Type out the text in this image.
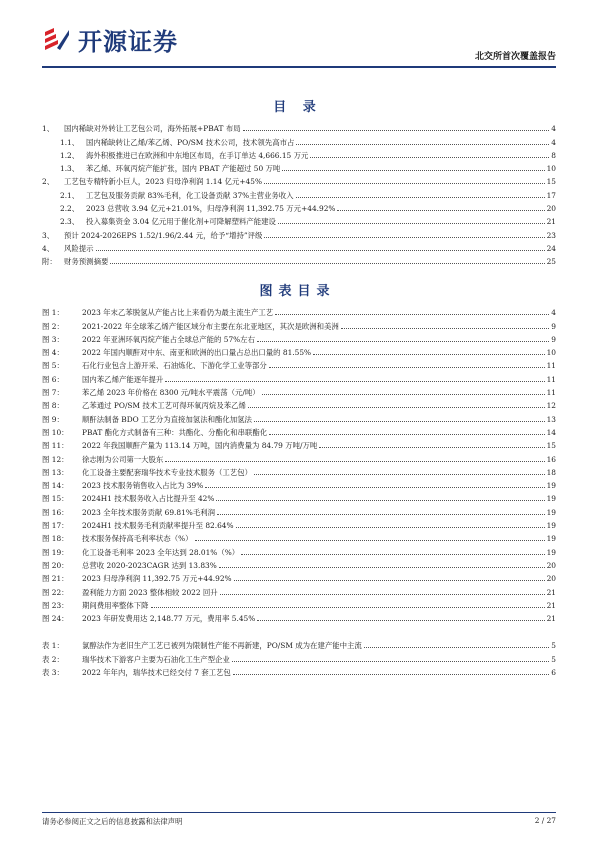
开源证券
北交所首次覆盖报告
目 录
1、	国内稀缺对外转让工艺包公司，海外拓展+PBAT 布局	4
1.1、 国内稀缺转让乙烯/苯乙烯、PO/SM 技术公司，技术领先高市占	4
1.2、 海外积极推进已在欧洲和中东地区布局，在手订单达 4,666.15 万元	8
1.3、 苯乙烯、环氧丙烷产能扩张，国内 PBAT 产能超过 50 万吨	10
2、	工艺包专精特新小巨人，2023 归母净利润 1.14 亿元+45%	15
2.1、 工艺包及服务贡献 83%毛利，化工设备贡献 37%主营业务收入	17
2.2、 2023 总营收 3.94 亿元+21.01%，归母净利润 11,392.75 万元+44.92%	20
2.3、 投入募集资金 3.04 亿元用于催化剂+可降解塑料产能建设	21
3、	预计 2024-2026EPS 1.52/1.96/2.44 元，给予“增持”评级	23
4、	风险提示	24
附： 财务预测摘要	25
图表目录
图 1：	2023 年末乙苯脱氢从产能占比上来看仍为最主流生产工艺	4
图 2：	2021-2022 年全球苯乙烯产能区域分布主要在东北亚地区，其次是欧洲和美洲	9
图 3：	2022 年亚洲环氧丙烷产能占全球总产能的 57%左右	9
图 4：	2022 年国内顺酐对中东、南亚和欧洲的出口量占总出口量的 81.55%	10
图 5：	石化行业包含上游开采、石油炼化、下游化学工业等部分	11
图 6：	国内苯乙烯产能逐年提升	11
图 7：	苯乙烯 2023 年价格在 8300 元/吨水平震荡（元/吨）	11
图 8：	乙苯通过 PO/SM 技术工艺可得环氧丙烷及苯乙烯	12
图 9：	顺酐法制备 BDO 工艺分为直接加氢法和酯化加氢法	13
图 10：	PBAT 酯化方式制备有三种：共酯化、分酯化和串联酯化	14
图 11：	2022 年我国顺酐产量为 113.14 万吨，国内消费量为 84.79 万吨/万吨	15
图 12：	徐志刚为公司第一大股东	16
图 13：	化工设备主要配套瑞华技术专业技术服务（工艺包）	18
图 14：	2023 技术服务销售收入占比为 39%	19
图 15：	2024H1 技术服务收入占比提升至 42%	19
图 16：	2023 全年技术服务贡献 69.81%毛利润	19
图 17：	2024H1 技术服务毛利贡献率提升至 82.64%	19
图 18：	技术服务保持高毛利率状态（%）	19
图 19：	化工设备毛利率 2023 全年达到 28.01%（%）	19
图 20：	总营收 2020-2023CAGR 达到 13.83%	20
图 21：	2023 归母净利润 11,392.75 万元+44.92%	20
图 22：	盈利能力方面 2023 整体相较 2022 回升	21
图 23：	期间费用率整体下降	21
图 24：	2023 年研发费用达 2,148.77 万元，费用率 5.45%	21
表 1：	氯醇法作为老旧生产工艺已被列为限制性产能不再新建，PO/SM 成为在建产能中主流	5
表 2：	瑞华技术下游客户主要为石油化工生产型企业	5
表 3：	2022 年年内，瑞华技术已经交付 7 套工艺包	6
请务必参阅正文之后的信息披露和法律声明	2 / 27
